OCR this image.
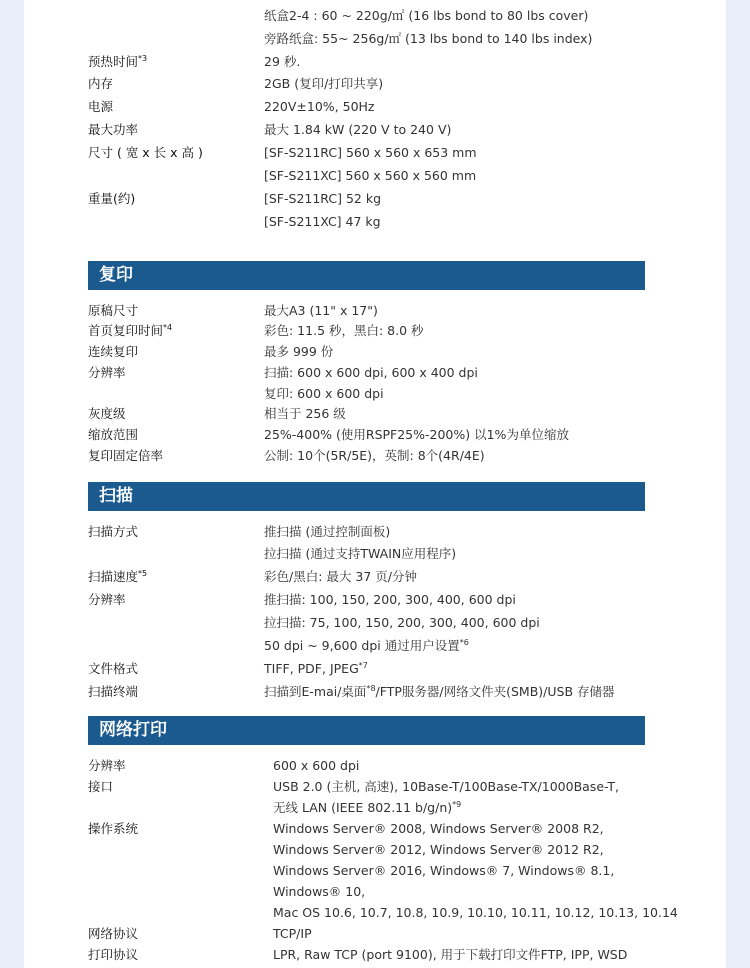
纸盒2-4 : 60 ~ 220g/㎡ (16 lbs bond to 80 lbs cover)
旁路纸盒: 55~ 256g/㎡ (13 lbs bond to 140 lbs index)
预热时间$^{*3}$	29 秒.
内存	2GB (复印/打印共享)
电源	220V±10%, 50Hz
最大功率	最大 1.84 kW (220 V to 240 V)
尺寸 ( 宽 x 长 x 高 )	[SF-S211RC] 560 x 560 x 653 mm
[SF-S211XC] 560 x 560 x 560 mm
重量(约)	[SF-S211RC] 52 kg
[SF-S211XC] 47 kg
复印
原稿尺寸	最大A3 (11" x 17")
首页复印时间$^{*4}$	彩色: 11.5 秒，黑白: 8.0 秒
连续复印	最多 999 份
分辨率	扫描: 600 x 600 dpi, 600 x 400 dpi
复印: 600 x 600 dpi
灰度级	相当于 256 级
缩放范围	25%-400% (使用RSPF25%-200%) 以1%为单位缩放
复印固定倍率	公制: 10个(5R/5E)，英制: 8个(4R/4E)
扫描
扫描方式	推扫描 (通过控制面板)
拉扫描 (通过支持TWAIN应用程序)
扫描速度$^{*5}$	彩色/黑白: 最大 37 页/分钟
分辨率	推扫描: 100, 150, 200, 300, 400, 600 dpi
拉扫描: 75, 100, 150, 200, 300, 400, 600 dpi
50 dpi ~ 9,600 dpi 通过用户设置$^{*6}$
文件格式	TIFF, PDF, JPEG$^{*7}$
扫描终端	扫描到E-mai/桌面$^{*8}$/FTP服务器/网络文件夹(SMB)/USB 存储器
网络打印
分辨率	600 x 600 dpi
接口	USB 2.0 (主机, 高速), 10Base-T/100Base-TX/1000Base-T,
无线 LAN (IEEE 802.11 b/g/n)$^{*9}$
操作系统	Windows Server® 2008, Windows Server® 2008 R2,
Windows Server® 2012, Windows Server® 2012 R2,
Windows Server® 2016, Windows® 7, Windows® 8.1,
Windows® 10,
Mac OS 10.6, 10.7, 10.8, 10.9, 10.10, 10.11, 10.12, 10.13, 10.14
网络协议	TCP/IP
打印协议	LPR, Raw TCP (port 9100), 用于下载打印文件FTP, IPP, WSD
